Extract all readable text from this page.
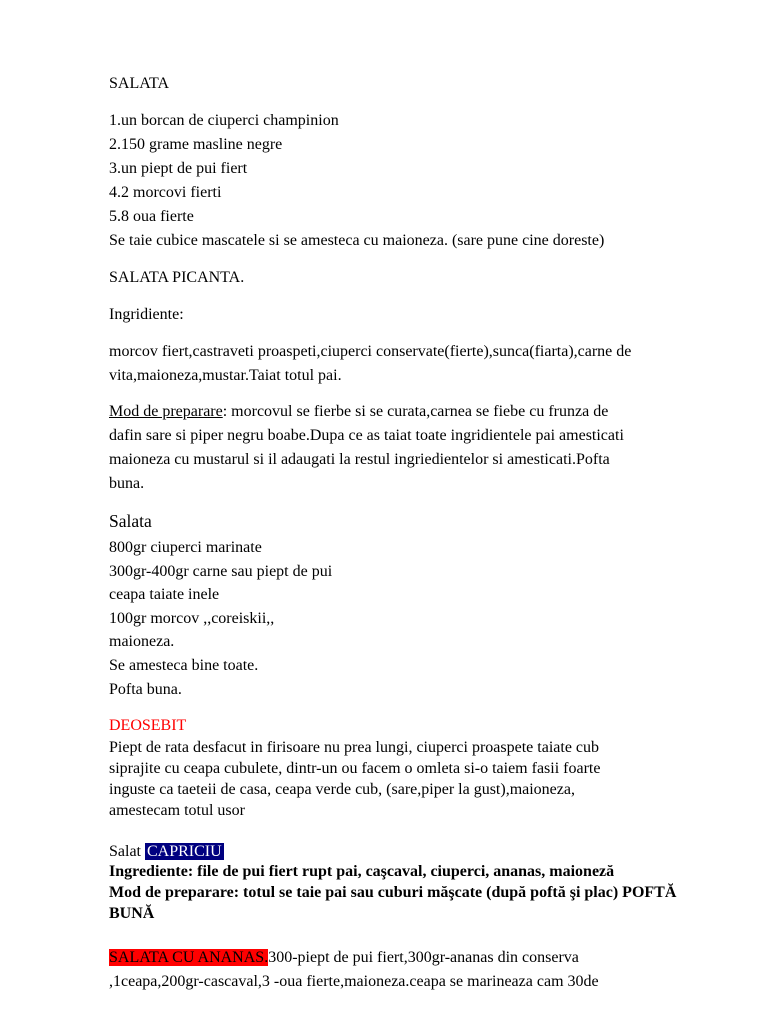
SALATA
1.un borcan de ciuperci champinion
2.150 grame masline negre
3.un piept de pui fiert
4.2 morcovi fierti
5.8 oua fierte
Se taie cubice mascatele si se amesteca cu maioneza. (sare pune cine doreste)
SALATA PICANTA.
Ingridiente:
morcov fiert,castraveti proaspeti,ciuperci conservate(fierte),sunca(fiarta),carne de
vita,maioneza,mustar.Taiat totul pai.
Mod de preparare: morcovul se fierbe si se curata,carnea se fiebe cu frunza de
dafin sare si piper negru boabe.Dupa ce as taiat toate ingridientele pai amesticati
maioneza cu mustarul si il adaugati la restul ingriedientelor si amesticati.Pofta
buna.
Salata
800gr ciuperci marinate
300gr-400gr carne sau piept de pui
ceapa taiate inele
100gr morcov ,,coreiskii,,
maioneza.
Se amesteca bine toate.
Pofta buna.
DEOSEBIT
Piept de rata desfacut in firisoare nu prea lungi, ciuperci proaspete taiate cub
siprajite cu ceapa cubulete, dintr-un ou facem o omleta si-o taiem fasii foarte
inguste ca taeteii de casa, ceapa verde cub, (sare,piper la gust),maioneza,
amestecam totul usor
Salat CAPRICIU
Ingrediente: file de pui fiert rupt pai, caşcaval, ciuperci, ananas, maioneză
Mod de preparare: totul se taie pai sau cuburi măşcate (după poftă şi plac) POFTĂ
BUNĂ
SALATA CU ANANAS.300-piept de pui fiert,300gr-ananas din conserva
,1ceapa,200gr-cascaval,3 -oua fierte,maioneza.ceapa se marineaza cam 30de
